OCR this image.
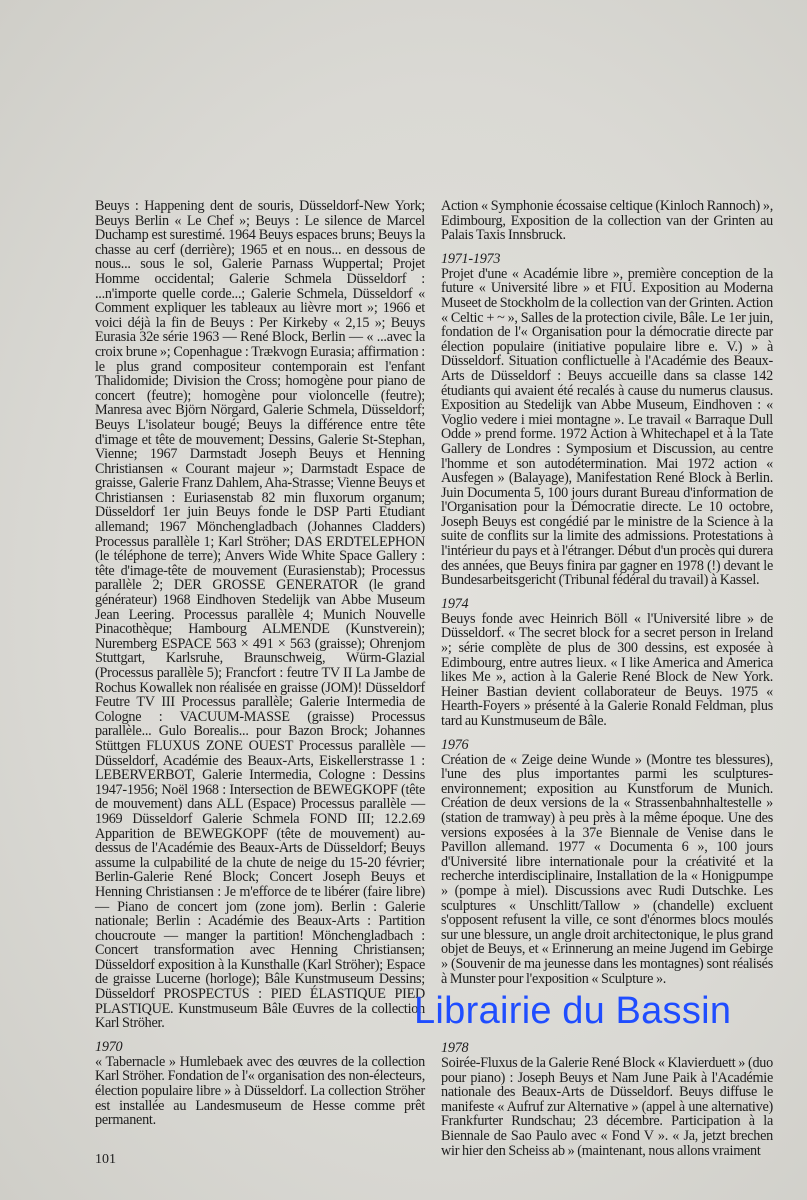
Beuys : Happening dent de souris, Düsseldorf-New York; Beuys Berlin « Le Chef »; Beuys : Le silence de Marcel Duchamp est surestimé. 1964 Beuys espaces bruns; Beuys la chasse au cerf (derrière); 1965 et en nous... en dessous de nous... sous le sol, Galerie Parnass Wuppertal; Projet Homme occidental; Galerie Schmela Düsseldorf : ...n'importe quelle corde...; Galerie Schmela, Düsseldorf « Comment expliquer les tableaux au lièvre mort »; 1966 et voici déjà la fin de Beuys : Per Kirkeby « 2,15 »; Beuys Eurasia 32e série 1963 — René Block, Berlin — « ...avec la croix brune »; Copenhague : Trækvogn Eurasia; affirmation : le plus grand compositeur contemporain est l'enfant Thalidomide; Division the Cross; homogène pour piano de concert (feutre); homogène pour violoncelle (feutre); Manresa avec Björn Nörgard, Galerie Schmela, Düsseldorf; Beuys L'isolateur bougé; Beuys la différence entre tête d'image et tête de mouvement; Dessins, Galerie St-Stephan, Vienne; 1967 Darmstadt Joseph Beuys et Henning Christiansen « Courant majeur »; Darmstadt Espace de graisse, Galerie Franz Dahlem, Aha-Strasse; Vienne Beuys et Christiansen : Euriasenstab 82 min fluxorum organum; Düsseldorf 1er juin Beuys fonde le DSP Parti Etudiant allemand; 1967 Mönchengladbach (Johannes Cladders) Processus parallèle 1; Karl Ströher; DAS ERDTELEPHON (le téléphone de terre); Anvers Wide White Space Gallery : tête d'image-tête de mouvement (Eurasienstab); Processus parallèle 2; DER GROSSE GENERATOR (le grand générateur) 1968 Eindhoven Stedelijk van Abbe Museum Jean Leering. Processus parallèle 4; Munich Nouvelle Pinacothèque; Hambourg ALMENDE (Kunstverein); Nuremberg ESPACE 563 × 491 × 563 (graisse); Ohrenjom Stuttgart, Karlsruhe, Braunschweig, Würm-Glazial (Processus parallèle 5); Francfort : feutre TV II La Jambe de Rochus Kowallek non réalisée en graisse (JOM)! Düsseldorf Feutre TV III Processus parallèle; Galerie Intermedia de Cologne : VACUUM-MASSE (graisse) Processus parallèle... Gulo Borealis... pour Bazon Brock; Johannes Stüttgen FLUXUS ZONE OUEST Processus parallèle — Düsseldorf, Académie des Beaux-Arts, Eiskellerstrasse 1 : LEBERVERBOT, Galerie Intermedia, Cologne : Dessins 1947-1956; Noël 1968 : Intersection de BEWEGKOPF (tête de mouvement) dans ALL (Espace) Processus parallèle — 1969 Düsseldorf Galerie Schmela FOND III; 12.2.69 Apparition de BEWEGKOPF (tête de mouvement) au-dessus de l'Académie des Beaux-Arts de Düsseldorf; Beuys assume la culpabilité de la chute de neige du 15-20 février; Berlin-Galerie René Block; Concert Joseph Beuys et Henning Christiansen : Je m'efforce de te libérer (faire libre) — Piano de concert jom (zone jom). Berlin : Galerie nationale; Berlin : Académie des Beaux-Arts : Partition choucroute — manger la partition! Mönchengladbach : Concert transformation avec Henning Christiansen; Düsseldorf exposition à la Kunsthalle (Karl Ströher); Espace de graisse Lucerne (horloge); Bâle Kunstmuseum Dessins; Düsseldorf PROSPECTUS : PIED ÉLASTIQUE PIED PLASTIQUE. Kunstmuseum Bâle Œuvres de la collection Karl Ströher.

1970

« Tabernacle » Humlebaek avec des œuvres de la collection Karl Ströher. Fondation de l'« organisation des non-électeurs, élection populaire libre » à Düsseldorf. La collection Ströher est installée au Landesmuseum de Hesse comme prêt permanent.

101

Action « Symphonie écossaise celtique (Kinloch Rannoch) », Edimbourg, Exposition de la collection van der Grinten au Palais Taxis Innsbruck.

1971-1973

Projet d'une « Académie libre », première conception de la future « Université libre » et FIU. Exposition au Moderna Museet de Stockholm de la collection van der Grinten. Action « Celtic + ~ », Salles de la protection civile, Bâle. Le 1er juin, fondation de l'« Organisation pour la démocratie directe par élection populaire (initiative populaire libre e. V.) » à Düsseldorf. Situation conflictuelle à l'Académie des Beaux-Arts de Düsseldorf : Beuys accueille dans sa classe 142 étudiants qui avaient été recalés à cause du numerus clausus. Exposition au Stedelijk van Abbe Museum, Eindhoven : « Voglio vedere i miei montagne ». Le travail « Barraque Dull Odde » prend forme. 1972 Action à Whitechapel et à la Tate Gallery de Londres : Symposium et Discussion, au centre l'homme et son autodétermination. Mai 1972 action « Ausfegen » (Balayage), Manifestation René Block à Berlin. Juin Documenta 5, 100 jours durant Bureau d'information de l'Organisation pour la Démocratie directe. Le 10 octobre, Joseph Beuys est congédié par le ministre de la Science à la suite de conflits sur la limite des admissions. Protestations à l'intérieur du pays et à l'étranger. Début d'un procès qui durera des années, que Beuys finira par gagner en 1978 (!) devant le Bundesarbeitsgericht (Tribunal fédéral du travail) à Kassel.

1974

Beuys fonde avec Heinrich Böll « l'Université libre » de Düsseldorf. « The secret block for a secret person in Ireland »; série complète de plus de 300 dessins, est exposée à Edimbourg, entre autres lieux. « I like America and America likes Me », action à la Galerie René Block de New York. Heiner Bastian devient collaborateur de Beuys. 1975 « Hearth-Foyers » présenté à la Galerie Ronald Feldman, plus tard au Kunstmuseum de Bâle.

1976

Création de « Zeige deine Wunde » (Montre tes blessures), l'une des plus importantes parmi les sculptures-environnement; exposition au Kunstforum de Munich. Création de deux versions de la « Strassenbahnhaltestelle » (station de tramway) à peu près à la même époque. Une des versions exposées à la 37e Biennale de Venise dans le Pavillon allemand. 1977 « Documenta 6 », 100 jours d'Université libre internationale pour la créativité et la recherche interdisciplinaire, Installation de la « Honigpumpe » (pompe à miel). Discussions avec Rudi Dutschke. Les sculptures « Unschlitt/Tallow » (chandelle) excluent s'opposent refusent la ville, ce sont d'énormes blocs moulés sur une blessure, un angle droit architectonique, le plus grand objet de Beuys, et « Erinnerung an meine Jugend im Gebirge » (Souvenir de ma jeunesse dans les montagnes) sont réalisés à Munster pour l'exposition « Sculpture ».

Librairie du Bassin
1978

Soirée-Fluxus de la Galerie René Block « Klavierduett » (duo pour piano) : Joseph Beuys et Nam June Paik à l'Académie nationale des Beaux-Arts de Düsseldorf. Beuys diffuse le manifeste « Aufruf zur Alternative » (appel à une alternative) Frankfurter Rundschau; 23 décembre. Participation à la Biennale de Sao Paulo avec « Fond V ». « Ja, jetzt brechen wir hier den Scheiss ab » (maintenant, nous allons vraiment
